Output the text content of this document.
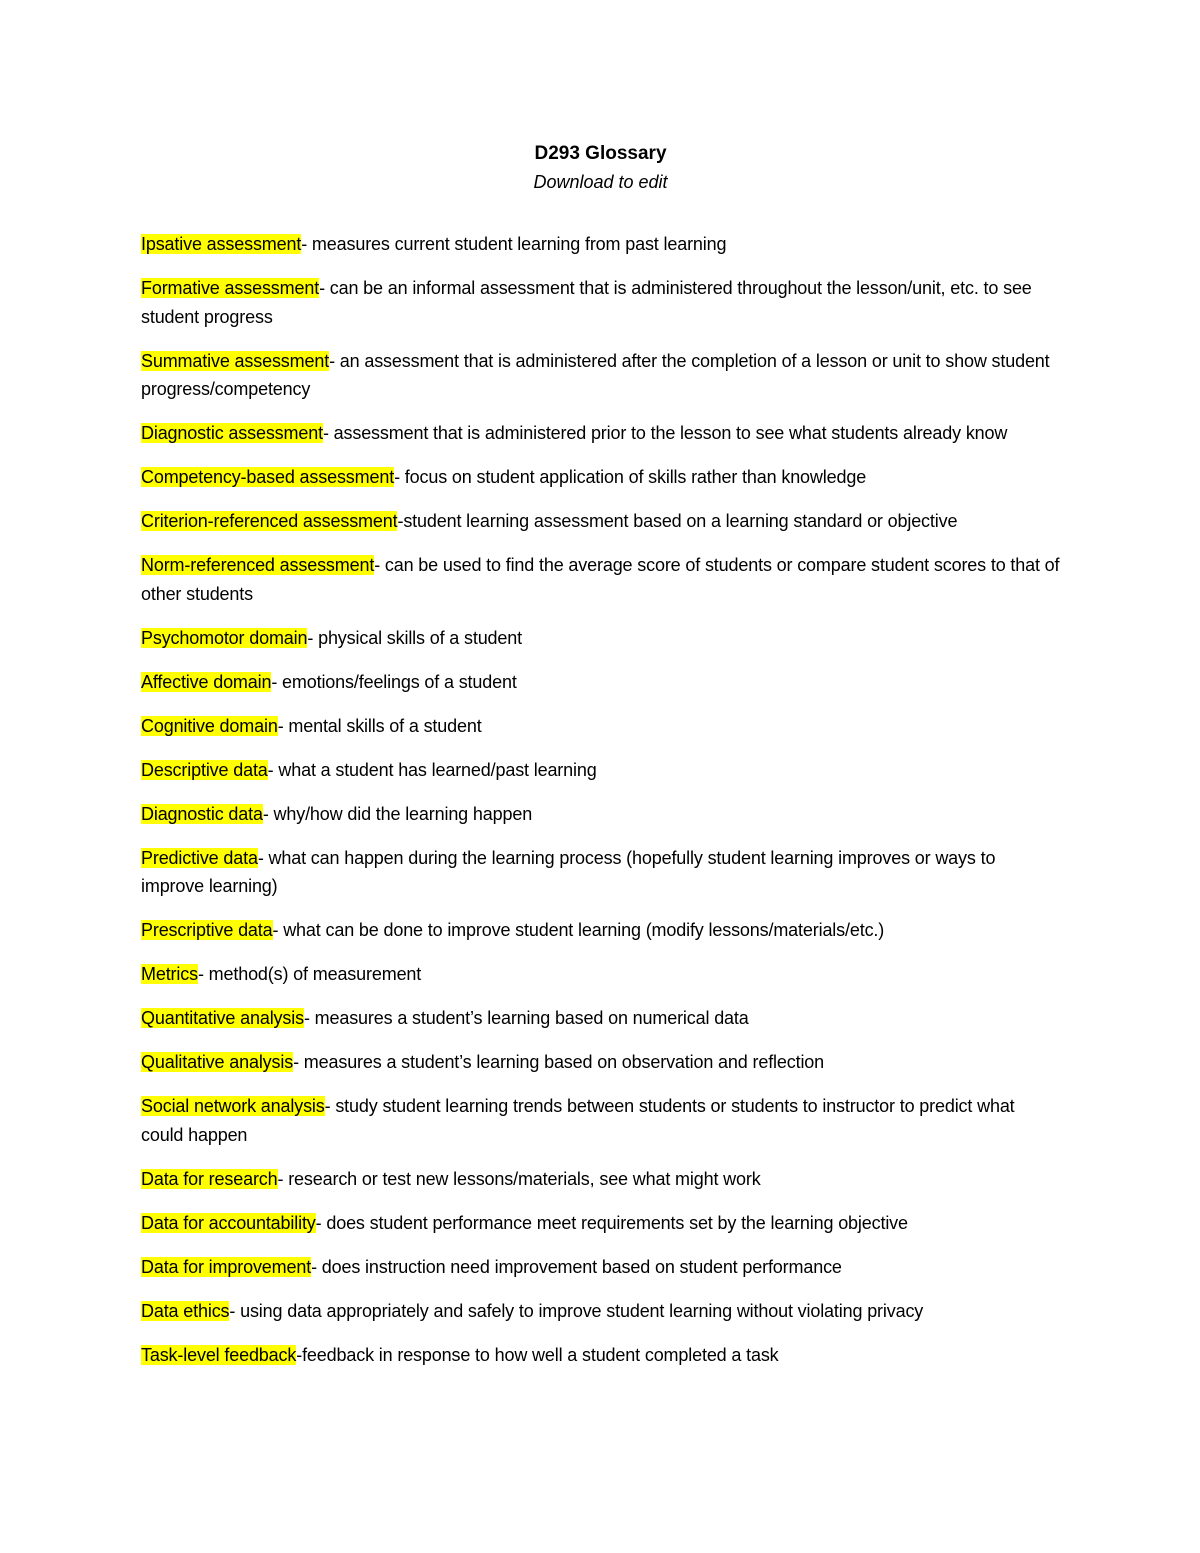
D293 Glossary

Download to edit

Ipsative assessment- measures current student learning from past learning
Formative assessment- can be an informal assessment that is administered throughout the lesson/unit, etc. to see student progress
Summative assessment- an assessment that is administered after the completion of a lesson or unit to show student progress/competency
Diagnostic assessment- assessment that is administered prior to the lesson to see what students already know
Competency-based assessment- focus on student application of skills rather than knowledge
Criterion-referenced assessment-student learning assessment based on a learning standard or objective
Norm-referenced assessment- can be used to find the average score of students or compare student scores to that of other students
Psychomotor domain- physical skills of a student
Affective domain- emotions/feelings of a student
Cognitive domain- mental skills of a student
Descriptive data- what a student has learned/past learning
Diagnostic data- why/how did the learning happen
Predictive data- what can happen during the learning process (hopefully student learning improves or ways to improve learning)
Prescriptive data- what can be done to improve student learning (modify lessons/materials/etc.)
Metrics- method(s) of measurement
Quantitative analysis- measures a student’s learning based on numerical data
Qualitative analysis- measures a student’s learning based on observation and reflection
Social network analysis- study student learning trends between students or students to instructor to predict what could happen
Data for research- research or test new lessons/materials, see what might work
Data for accountability- does student performance meet requirements set by the learning objective
Data for improvement- does instruction need improvement based on student performance
Data ethics- using data appropriately and safely to improve student learning without violating privacy
Task-level feedback-feedback in response to how well a student completed a task
